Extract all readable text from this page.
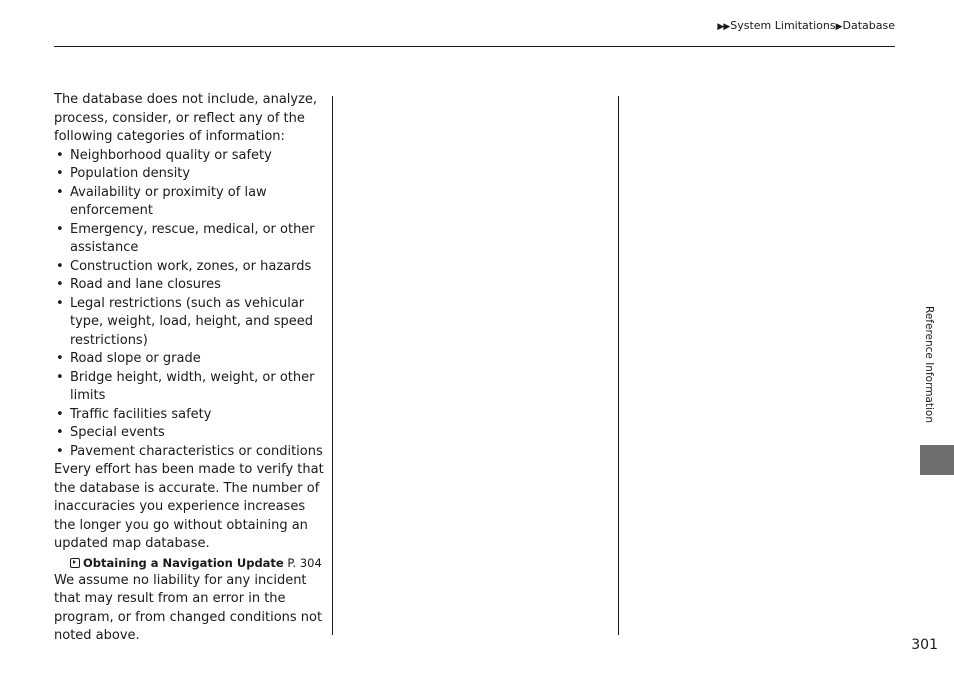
▶▶System Limitations▶Database

The database does not include, analyze, process, consider, or reflect any of the following categories of information:

• Neighborhood quality or safety
• Population density
• Availability or proximity of law enforcement
• Emergency, rescue, medical, or other assistance
• Construction work, zones, or hazards
• Road and lane closures
• Legal restrictions (such as vehicular type, weight, load, height, and speed restrictions)
• Road slope or grade
• Bridge height, width, weight, or other limits
• Traffic facilities safety
• Special events
• Pavement characteristics or conditions

Every effort has been made to verify that the database is accurate. The number of inaccuracies you experience increases the longer you go without obtaining an updated map database.

Obtaining a Navigation Update P. 304

We assume no liability for any incident that may result from an error in the program, or from changed conditions not noted above.

Reference Information
301
